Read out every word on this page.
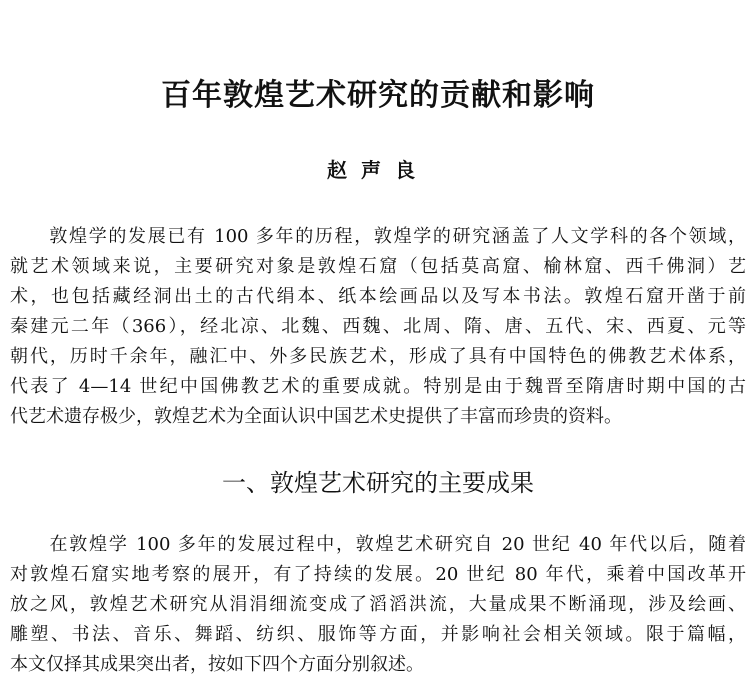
百年敦煌艺术研究的贡献和影响
赵声良
　　敦煌学的发展已有 100 多年的历程，敦煌学的研究涵盖了人文学科的各个领域，
就艺术领域来说，主要研究对象是敦煌石窟（包括莫高窟、榆林窟、西千佛洞）艺
术，也包括藏经洞出土的古代绢本、纸本绘画品以及写本书法。敦煌石窟开凿于前
秦建元二年（366），经北凉、北魏、西魏、北周、隋、唐、五代、宋、西夏、元等
朝代，历时千余年，融汇中、外多民族艺术，形成了具有中国特色的佛教艺术体系，
代表了 4—14 世纪中国佛教艺术的重要成就。特别是由于魏晋至隋唐时期中国的古
代艺术遗存极少，敦煌艺术为全面认识中国艺术史提供了丰富而珍贵的资料。
一、敦煌艺术研究的主要成果
　　在敦煌学 100 多年的发展过程中，敦煌艺术研究自 20 世纪 40 年代以后，随着
对敦煌石窟实地考察的展开，有了持续的发展。20 世纪 80 年代，乘着中国改革开
放之风，敦煌艺术研究从涓涓细流变成了滔滔洪流，大量成果不断涌现，涉及绘画、
雕塑、书法、音乐、舞蹈、纺织、服饰等方面，并影响社会相关领域。限于篇幅，
本文仅择其成果突出者，按如下四个方面分别叙述。
